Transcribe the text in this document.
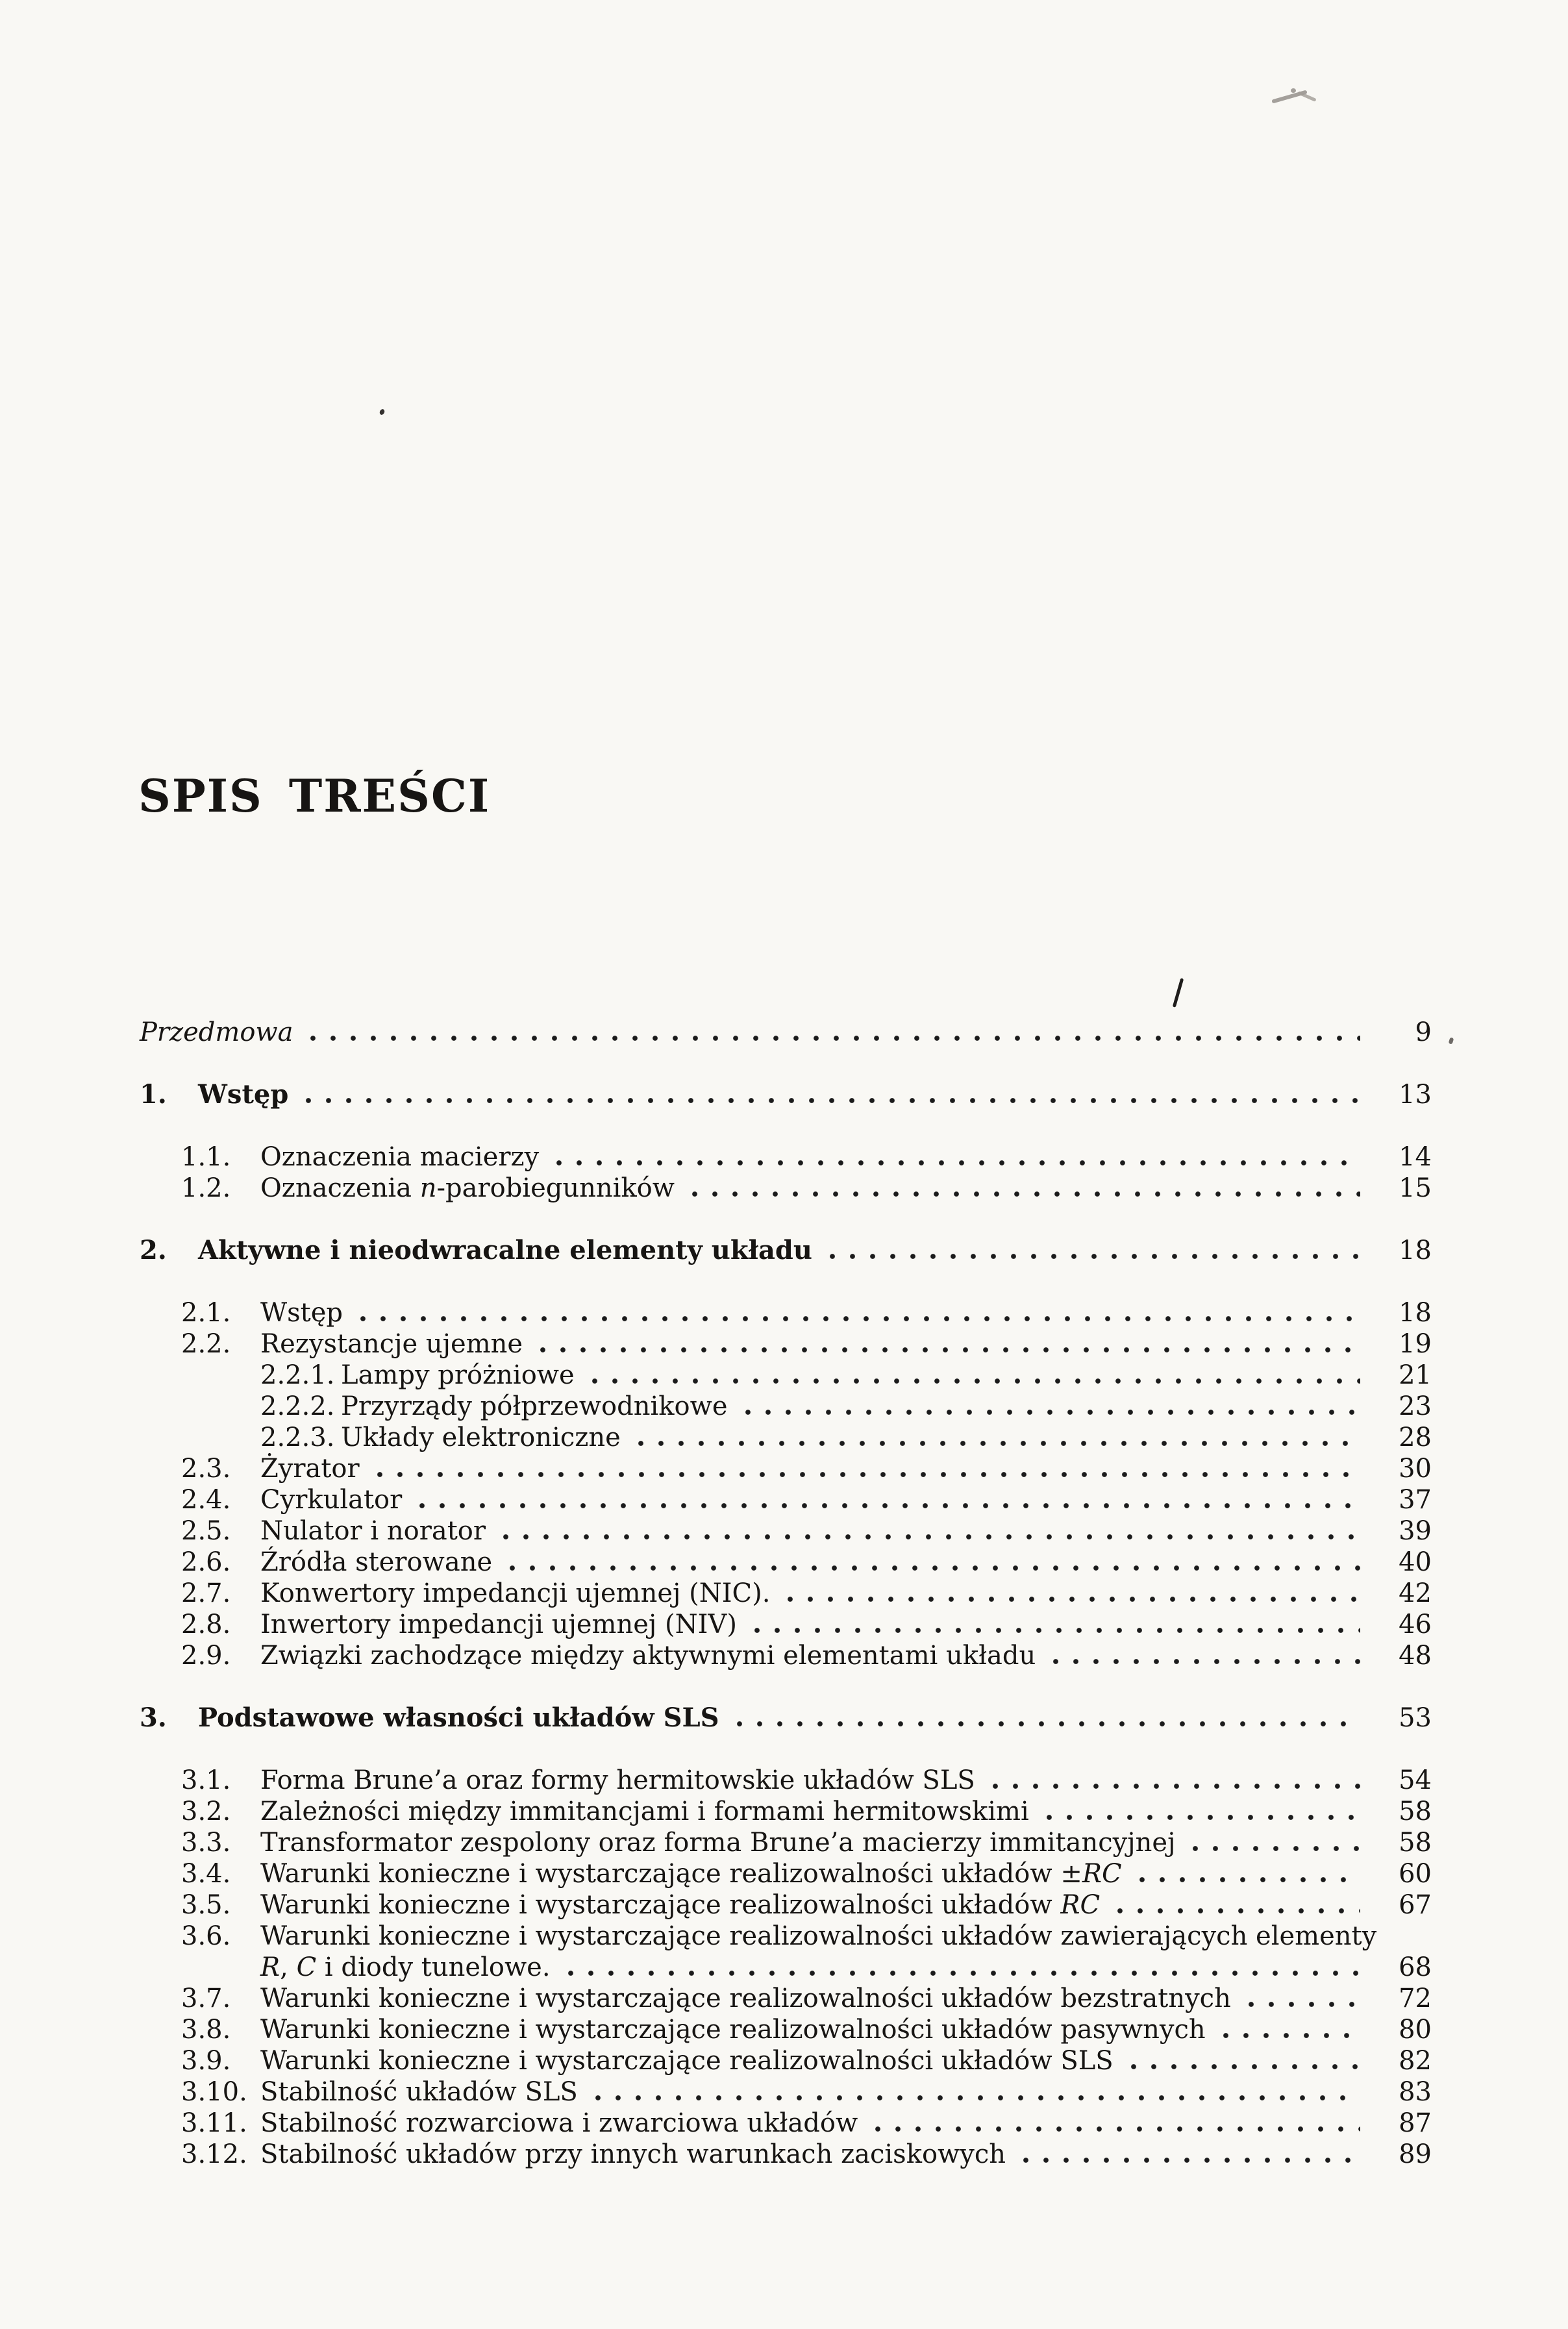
SPIS TREŚCI
Przedmowa	9
1. Wstęp	13
1.1. Oznaczenia macierzy	14
1.2. Oznaczenia n-parobiegunników	15
2. Aktywne i nieodwracalne elementy układu	18
2.1. Wstęp	18
2.2. Rezystancje ujemne	19
2.2.1. Lampy próżniowe	21
2.2.2. Przyrządy półprzewodnikowe	23
2.2.3. Układy elektroniczne	28
2.3. Żyrator	30
2.4. Cyrkulator	37
2.5. Nulator i norator	39
2.6. Źródła sterowane	40
2.7. Konwertory impedancji ujemnej (NIC).	42
2.8. Inwertory impedancji ujemnej (NIV)	46
2.9. Związki zachodzące między aktywnymi elementami układu	48
3. Podstawowe własności układów SLS	53
3.1. Forma Brune’a oraz formy hermitowskie układów SLS	54
3.2. Zależności między immitancjami i formami hermitowskimi	58
3.3. Transformator zespolony oraz forma Brune’a macierzy immitancyjnej	58
3.4. Warunki konieczne i wystarczające realizowalności układów ±RC	60
3.5. Warunki konieczne i wystarczające realizowalności układów RC	67
3.6. Warunki konieczne i wystarczające realizowalności układów zawierających elementy
R, C i diody tunelowe.	68
3.7. Warunki konieczne i wystarczające realizowalności układów bezstratnych	72
3.8. Warunki konieczne i wystarczające realizowalności układów pasywnych	80
3.9. Warunki konieczne i wystarczające realizowalności układów SLS	82
3.10. Stabilność układów SLS	83
3.11. Stabilność rozwarciowa i zwarciowa układów	87
3.12. Stabilność układów przy innych warunkach zaciskowych	89
